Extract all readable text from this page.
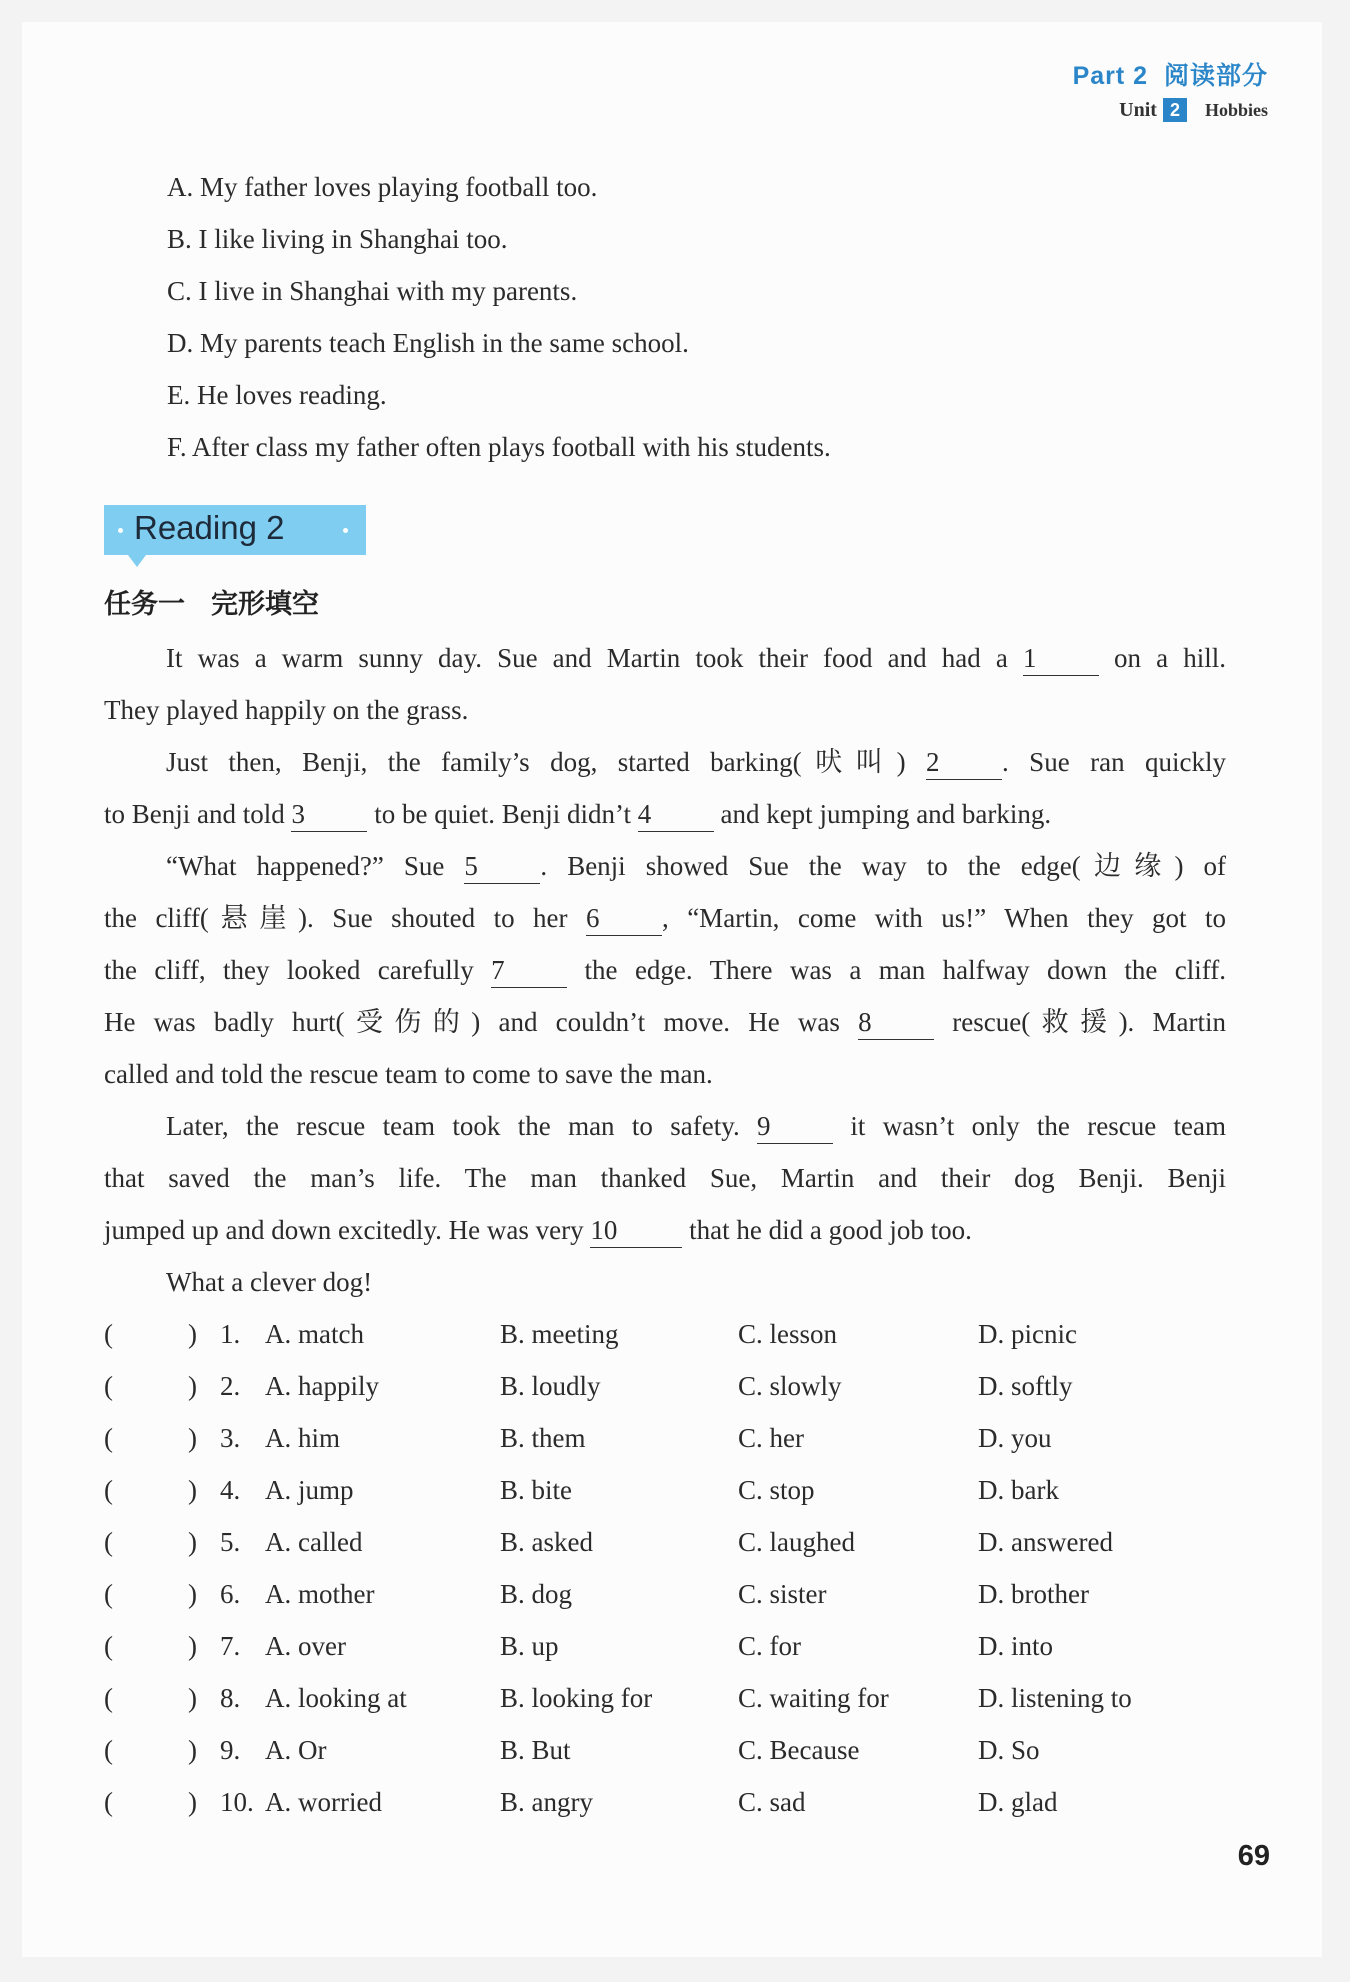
Part 2 阅读部分
Unit 2	Hobbies
A. My father loves playing football too.
B. I like living in Shanghai too.
C. I live in Shanghai with my parents.
D. My parents teach English in the same school.
E. He loves reading.
F. After class my father often plays football with his students.
Reading 2
任务一 完形填空

It was a warm sunny day. Sue and Martin took their food and had a 1 on a hill.

They played happily on the grass.

Just then, Benji, the family’s dog, started barking(吠叫) 2 . Sue ran quickly

to Benji and told 3 to be quiet. Benji didn’t 4 and kept jumping and barking.

“What happened?” Sue 5 . Benji showed Sue the way to the edge(边缘) of

the cliff(悬崖). Sue shouted to her 6 , “Martin, come with us!” When they got to

the cliff, they looked carefully 7 the edge. There was a man halfway down the cliff.

He was badly hurt(受伤的) and couldn’t move. He was 8 rescue(救援). Martin

called and told the rescue team to come to save the man.

Later, the rescue team took the man to safety. 9 it wasn’t only the rescue team

that saved the man’s life. The man thanked Sue, Martin and their dog Benji. Benji

jumped up and down excitedly. He was very 10 that he did a good job too.

What a clever dog!

(	) 1. A. match	B. meeting	C. lesson	D. picnic
(	) 2. A. happily	B. loudly	C. slowly	D. softly
(	) 3. A. him	B. them	C. her	D. you
(	) 4. A. jump	B. bite	C. stop	D. bark
(	) 5. A. called	B. asked	C. laughed	D. answered
(	) 6. A. mother	B. dog	C. sister	D. brother
(	) 7. A. over	B. up	C. for	D. into
(	) 8. A. looking at	B. looking for	C. waiting for	D. listening to
(	) 9. A. Or	B. But	C. Because	D. So
(	) 10. A. worried	B. angry	C. sad	D. glad
69
